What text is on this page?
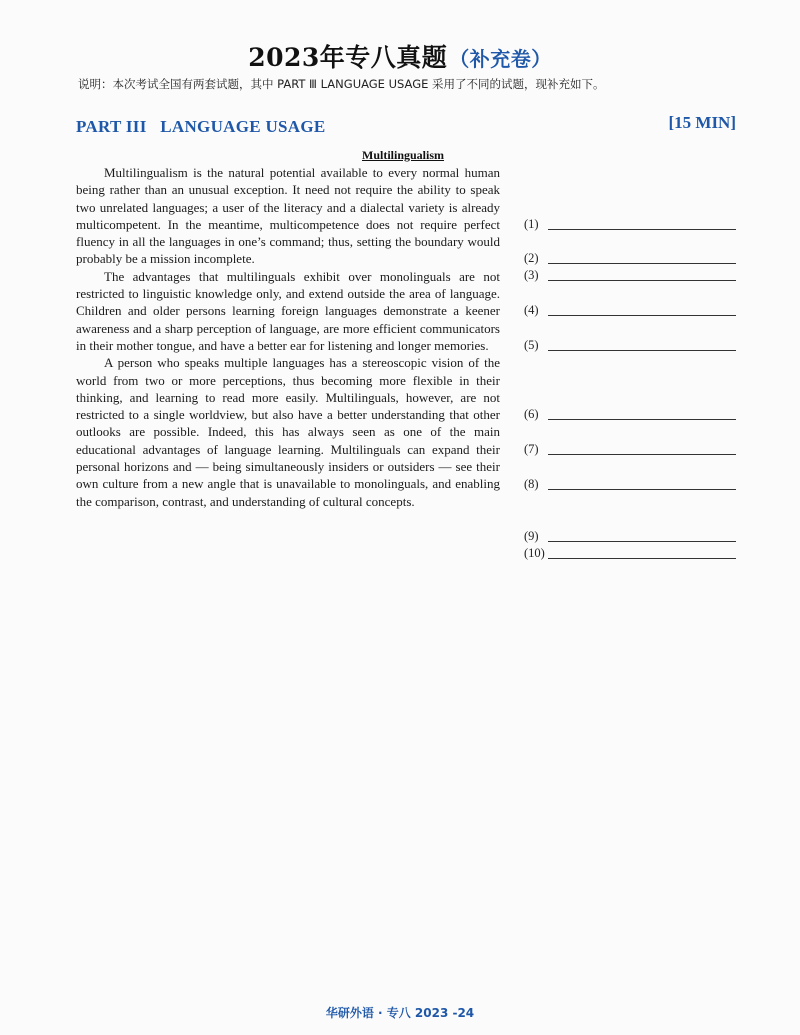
2023年专八真题 （补充卷）
说明：本次考试全国有两套试题，其中 PART Ⅲ LANGUAGE USAGE 采用了不同的试题，现补充如下。
PART III   LANGUAGE USAGE	[15 MIN]
Multilingualism

Multilingualism is the natural potential available to every normal human being rather than an unusual exception. It need not require the ability to speak two unrelated languages; a user of the literacy and a dialectal variety is already multicompetent. In the meantime, multicompetence does not require perfect fluency in all the languages in one’s command; thus, setting the boundary would probably be a mission incomplete.

The advantages that multilinguals exhibit over monolinguals are not restricted to linguistic knowledge only, and extend outside the area of language. Children and older persons learning foreign languages demonstrate a keener awareness and a sharp perception of language, are more efficient communicators in their mother tongue, and have a better ear for listening and longer memories.

A person who speaks multiple languages has a stereoscopic vision of the world from two or more perceptions, thus becoming more flexible in their thinking, and learning to read more easily. Multilinguals, however, are not restricted to a single worldview, but also have a better understanding that other outlooks are possible. Indeed, this has always seen as one of the main educational advantages of language learning. Multilinguals can expand their personal horizons and — being simultaneously insiders or outsiders — see their own culture from a new angle that is unavailable to monolinguals, and enabling the comparison, contrast, and understanding of cultural concepts.

(1)
(2)
(3)
(4)
(5)
(6)
(7)
(8)
(9)
(10)
华研外语 · 专八 2023 -24
